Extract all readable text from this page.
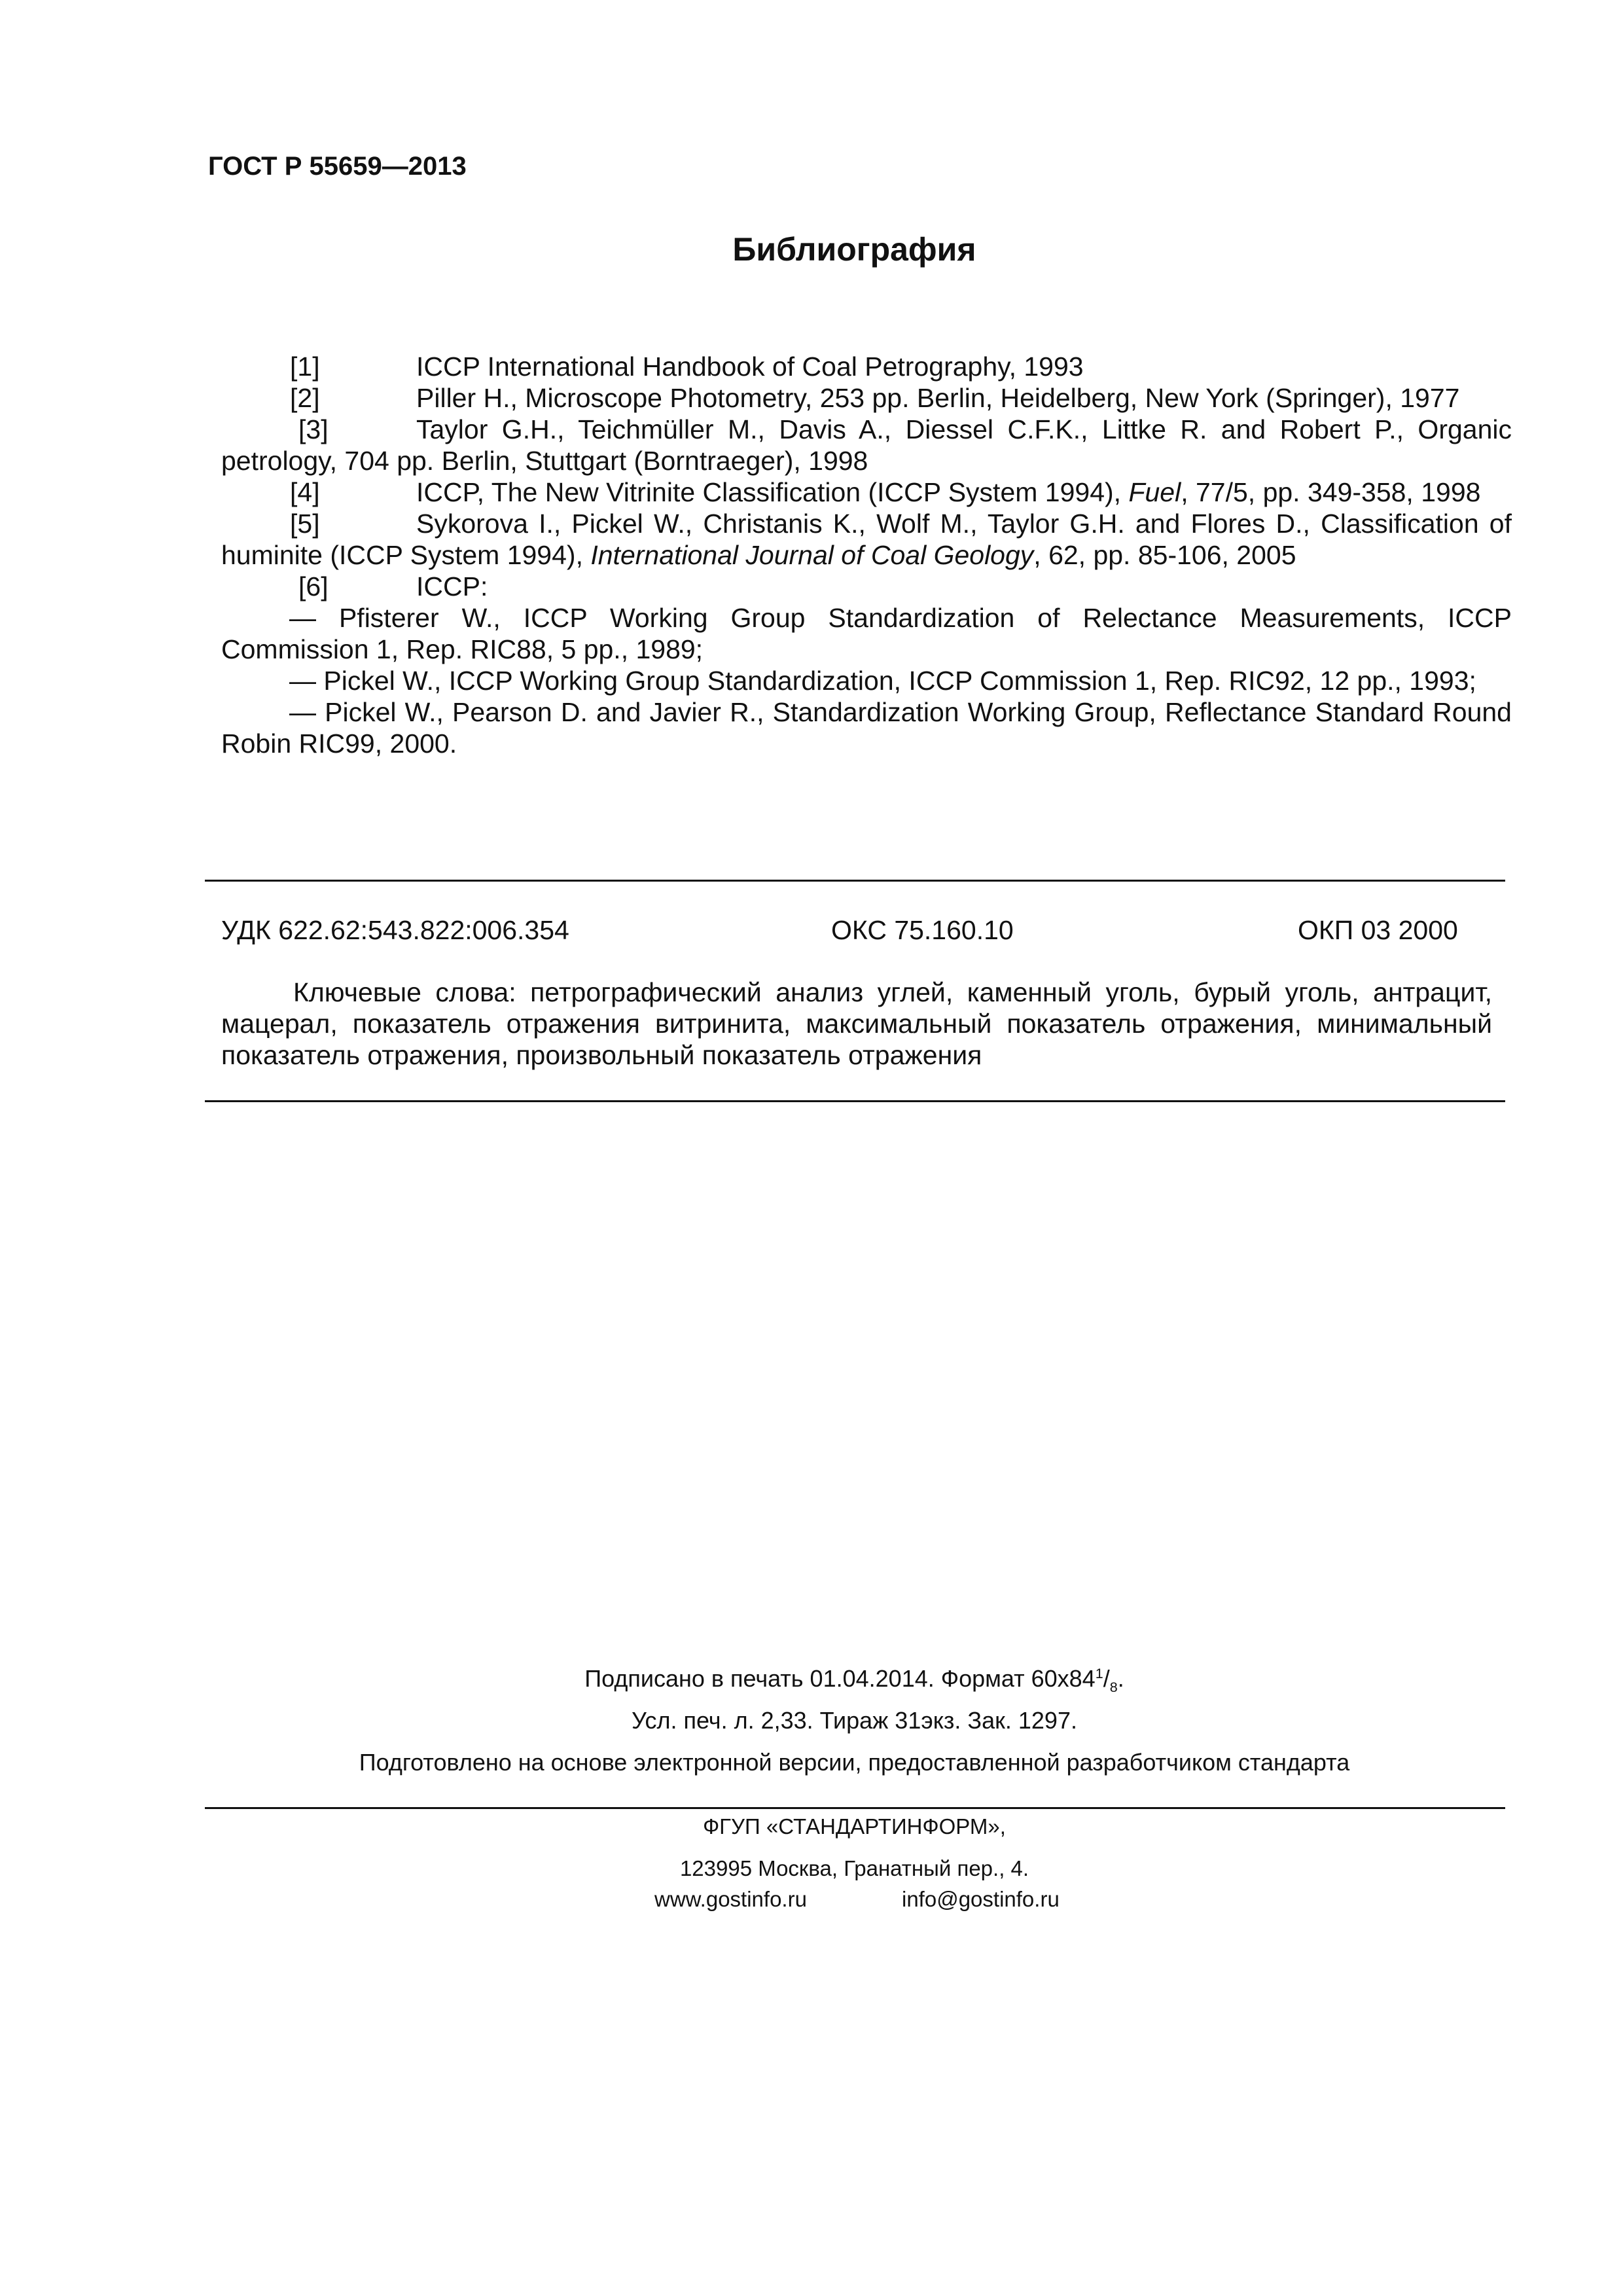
ГОСТ Р 55659—2013
Библиография

[1]	ICCP International Handbook of Coal Petrography, 1993

[2]	Piller H., Microscope Photometry, 253 pp. Berlin, Heidelberg, New York (Springer), 1977

[3]	Taylor G.H., Teichmüller M., Davis A., Diessel C.F.K., Littke R. and Robert P., Organic petrology, 704 pp. Berlin, Stuttgart (Borntraeger), 1998

[4]	ICCP, The New Vitrinite Classification (ICCP System 1994), Fuel, 77/5, pp. 349-358, 1998

[5]	Sykorova I., Pickel W., Christanis K., Wolf M., Taylor G.H. and Flores D., Classification of huminite (ICCP System 1994), International Journal of Coal Geology, 62, pp. 85-106, 2005

[6]	ICCP:

— Pfisterer W., ICCP Working Group Standardization of Relectance Measurements, ICCP Commission 1, Rep. RIC88, 5 pp., 1989;

— Pickel W., ICCP Working Group Standardization, ICCP Commission 1, Rep. RIC92, 12 pp., 1993;

— Pickel W., Pearson D. and Javier R., Standardization Working Group, Reflectance Standard Round Robin RIC99, 2000.

УДК 622.62:543.822:006.354	ОКС 75.160.10	ОКП 03 2000

Ключевые слова: петрографический анализ углей, каменный уголь, бурый уголь, антрацит, мацерал, показатель отражения витринита, максимальный показатель отражения, минимальный показатель отражения, произвольный показатель отражения

Подписано в печать 01.04.2014. Формат $60x84^1/_8$.
Усл. печ. л. 2,33. Тираж 31экз. Зак. 1297.
Подготовлено на основе электронной версии, предоставленной разработчиком стандарта
ФГУП «СТАНДАРТИНФОРМ»,
123995 Москва, Гранатный пер., 4.
www.gostinfo.ru	info@gostinfo.ru
